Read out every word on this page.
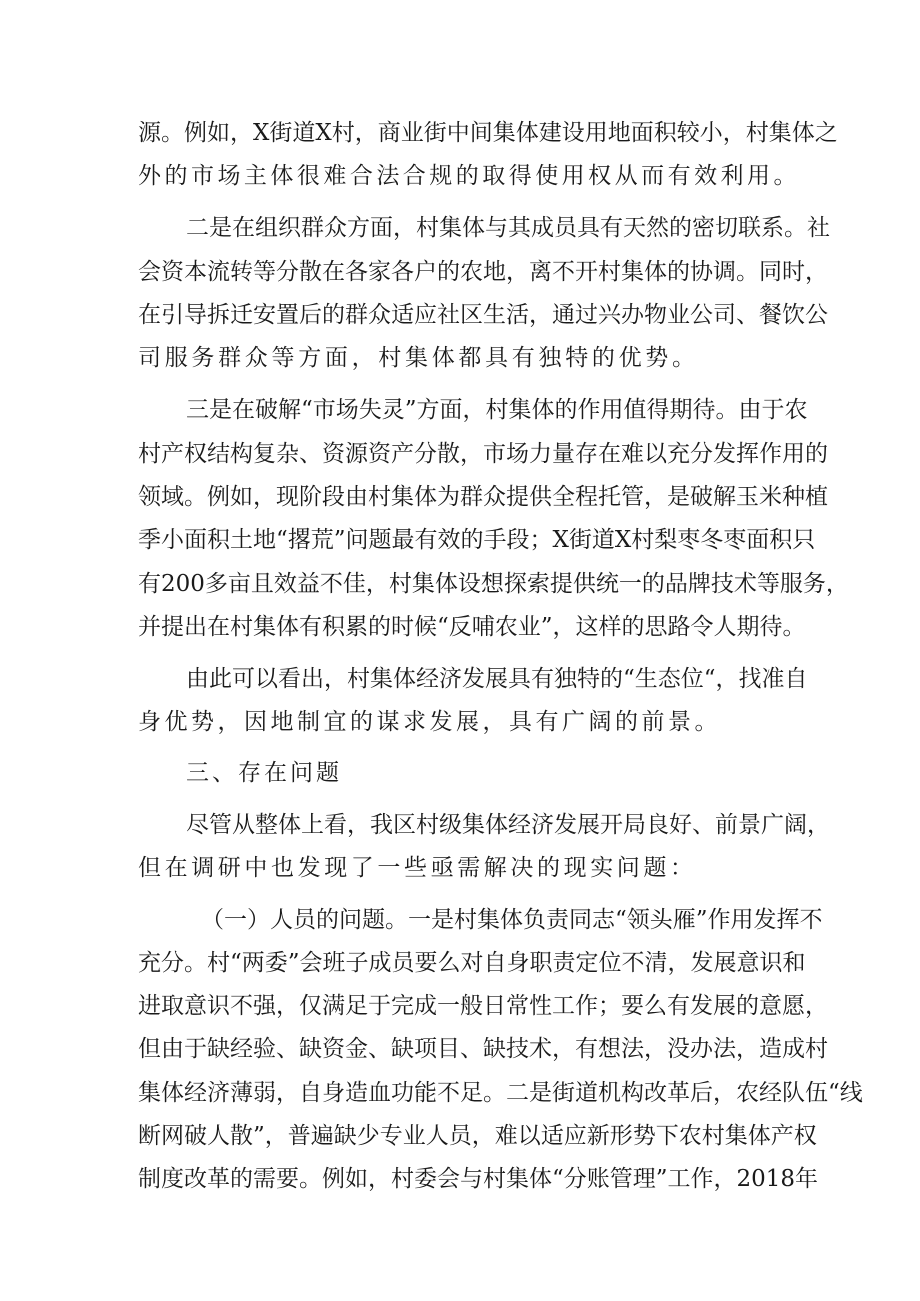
源。例如，X街道X村，商业街中间集体建设用地面积较小，村集体之
外的市场主体很难合法合规的取得使用权从而有效利用。
二是在组织群众方面，村集体与其成员具有天然的密切联系。社
会资本流转等分散在各家各户的农地，离不开村集体的协调。同时，
在引导拆迁安置后的群众适应社区生活，通过兴办物业公司、餐饮公
司服务群众等方面，村集体都具有独特的优势。
三是在破解“市场失灵”方面，村集体的作用值得期待。由于农
村产权结构复杂、资源资产分散，市场力量存在难以充分发挥作用的
领域。例如，现阶段由村集体为群众提供全程托管，是破解玉米种植
季小面积土地“撂荒”问题最有效的手段；X街道X村梨枣冬枣面积只
有200多亩且效益不佳，村集体设想探索提供统一的品牌技术等服务，
并提出在村集体有积累的时候“反哺农业”，这样的思路令人期待。
由此可以看出，村集体经济发展具有独特的“生态位“，找准自
身优势，因地制宜的谋求发展，具有广阔的前景。
三、存在问题
尽管从整体上看，我区村级集体经济发展开局良好、前景广阔，
但在调研中也发现了一些亟需解决的现实问题：
（一）人员的问题。一是村集体负责同志“领头雁”作用发挥不
充分。村“两委”会班子成员要么对自身职责定位不清，发展意识和
进取意识不强，仅满足于完成一般日常性工作；要么有发展的意愿，
但由于缺经验、缺资金、缺项目、缺技术，有想法，没办法，造成村
集体经济薄弱，自身造血功能不足。二是街道机构改革后，农经队伍“线
断网破人散”，普遍缺少专业人员，难以适应新形势下农村集体产权
制度改革的需要。例如，村委会与村集体“分账管理”工作，2018年
